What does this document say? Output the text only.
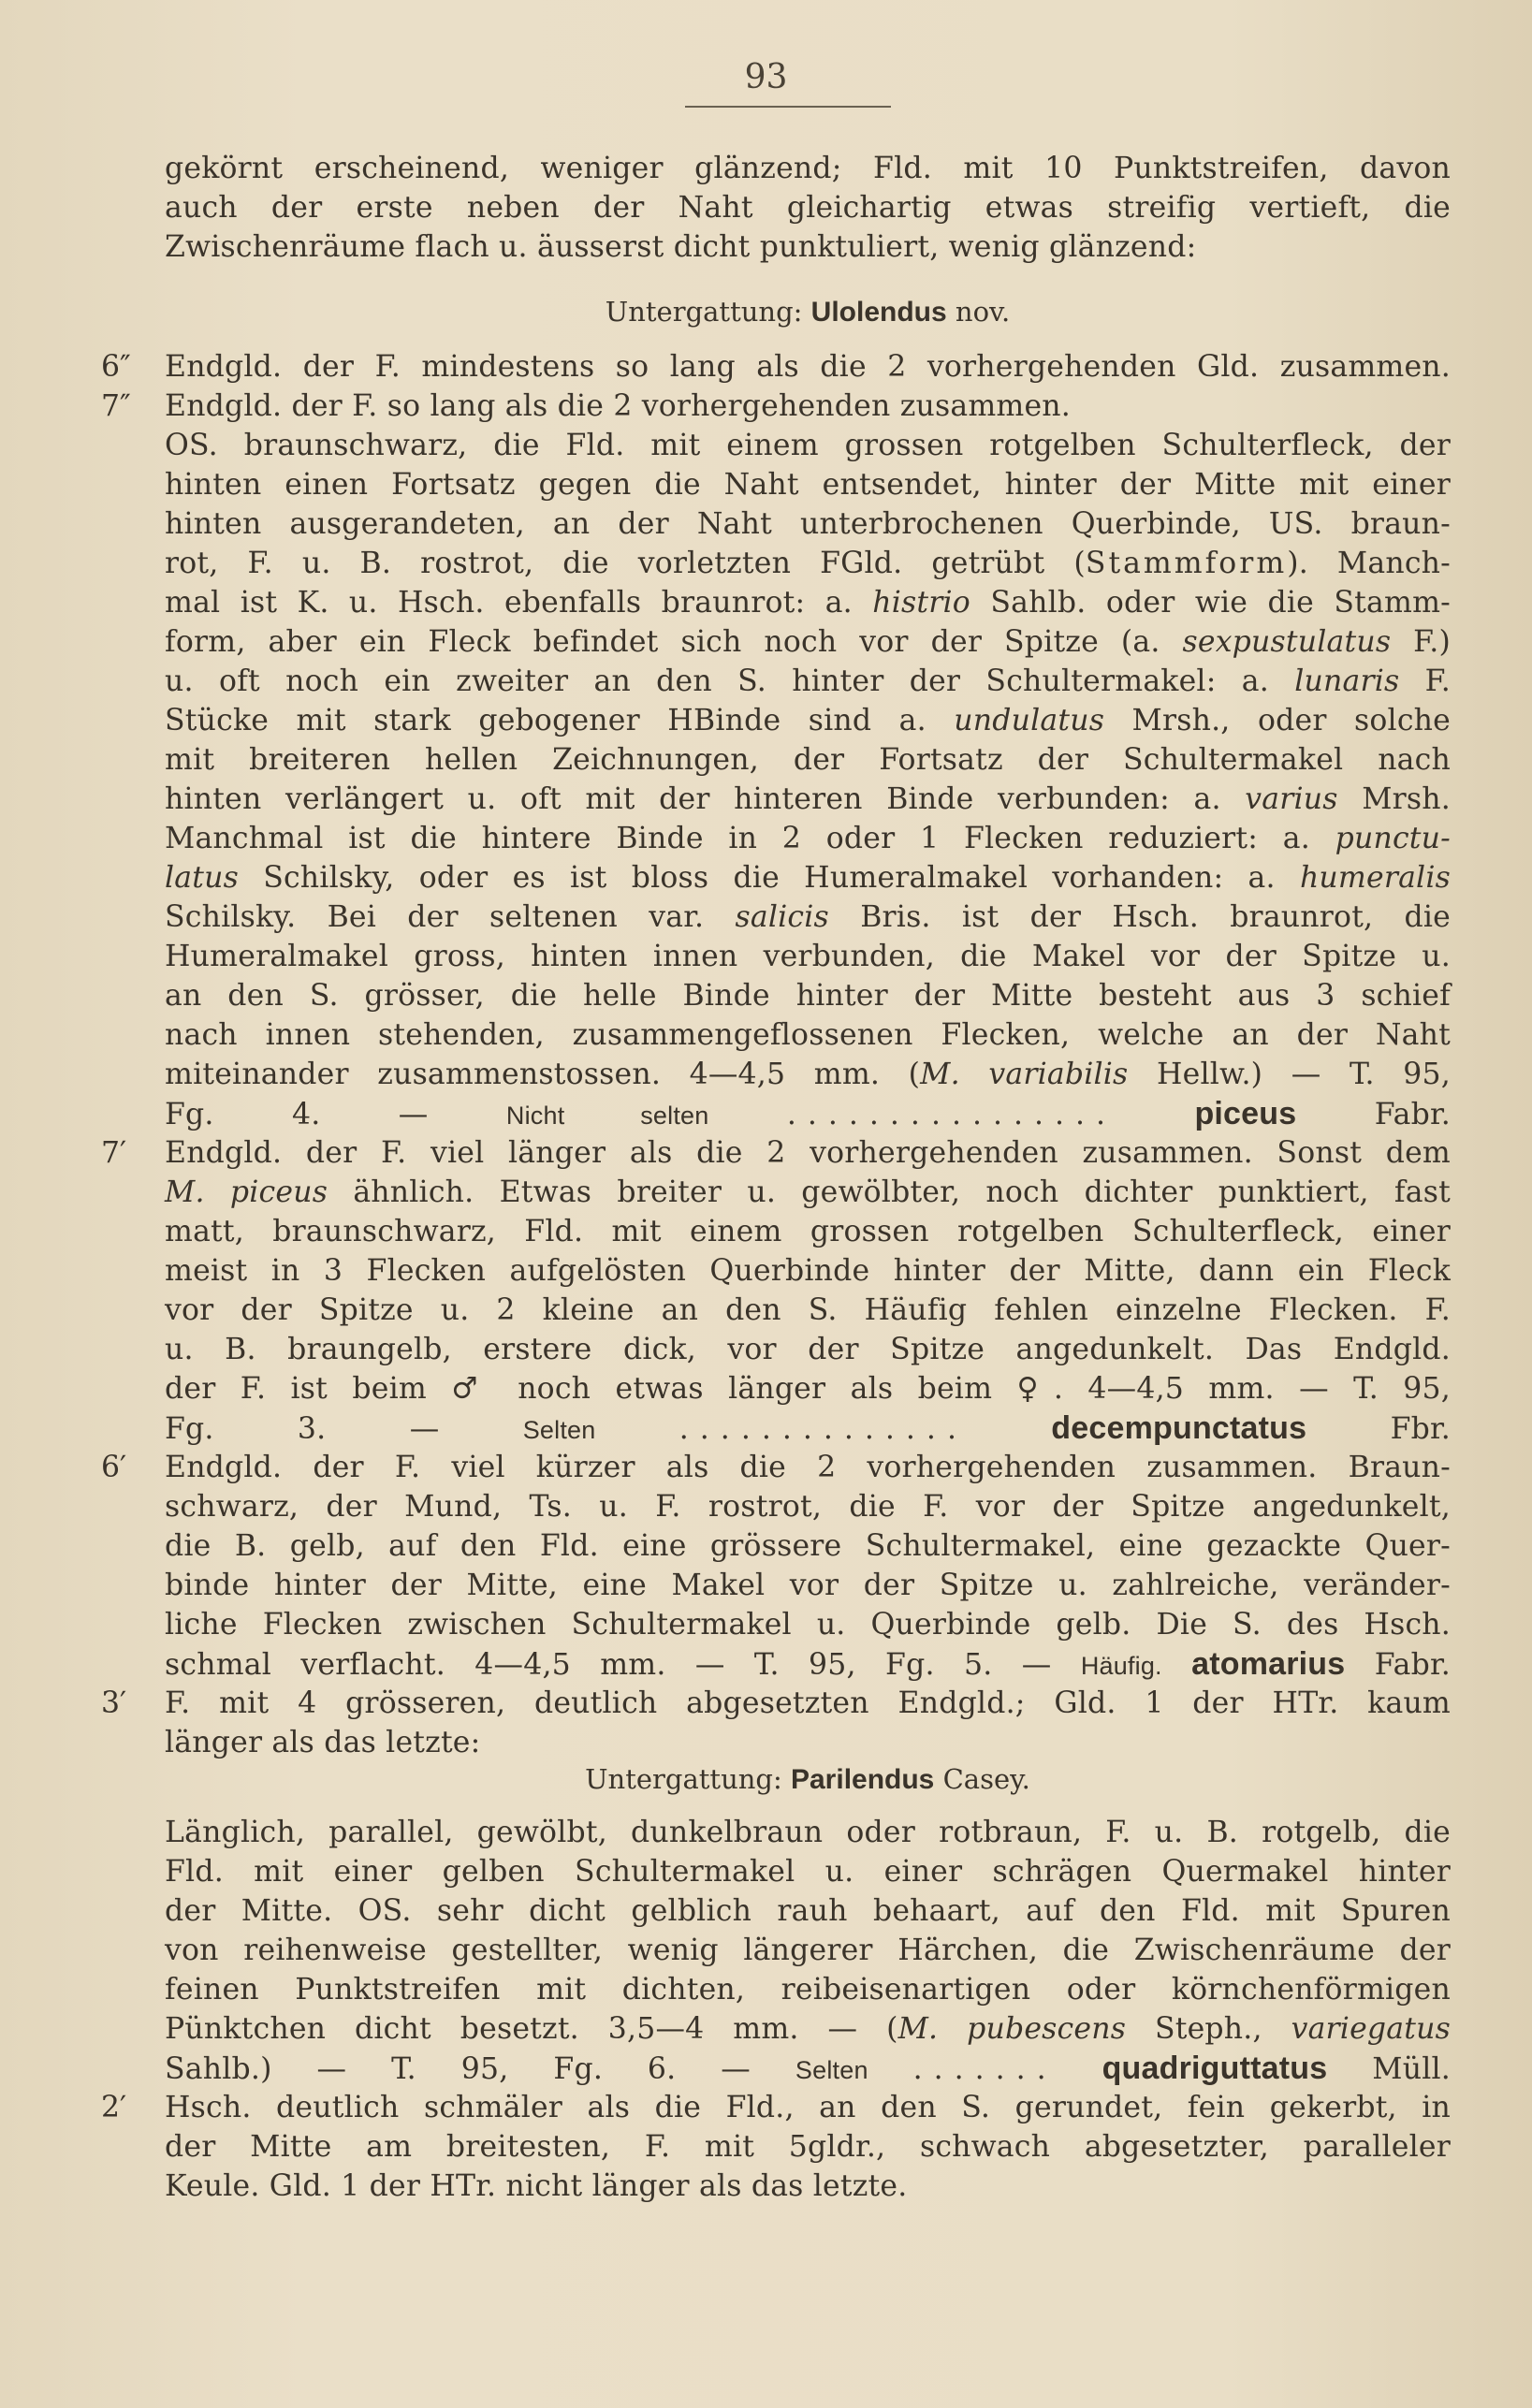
93
gekörnt erscheinend, weniger glänzend; Fld. mit 10 Punktstreifen, davon
auch der erste neben der Naht gleichartig etwas streifig vertieft, die
Zwischenräume flach u. äusserst dicht punktuliert, wenig glänzend:
Untergattung: Ulolendus nov.
6″	Endgld. der F. mindestens so lang als die 2 vorhergehenden Gld. zusammen.
7″	Endgld. der F. so lang als die 2 vorhergehenden zusammen.
OS. braunschwarz, die Fld. mit einem grossen rotgelben Schulterfleck, der
hinten einen Fortsatz gegen die Naht entsendet, hinter der Mitte mit einer
hinten ausgerandeten, an der Naht unterbrochenen Querbinde, US. braun-
rot, F. u. B. rostrot, die vorletzten FGld. getrübt (Stammform). Manch-
mal ist K. u. Hsch. ebenfalls braunrot: a. histrio Sahlb. oder wie die Stamm-
form, aber ein Fleck befindet sich noch vor der Spitze (a. sexpustulatus F.)
u. oft noch ein zweiter an den S. hinter der Schultermakel: a. lunaris F.
Stücke mit stark gebogener HBinde sind a. undulatus Mrsh., oder solche
mit breiteren hellen Zeichnungen, der Fortsatz der Schultermakel nach
hinten verlängert u. oft mit der hinteren Binde verbunden: a. varius Mrsh.
Manchmal ist die hintere Binde in 2 oder 1 Flecken reduziert: a. punctu-
latus Schilsky, oder es ist bloss die Humeralmakel vorhanden: a. humeralis
Schilsky. Bei der seltenen var. salicis Bris. ist der Hsch. braunrot, die
Humeralmakel gross, hinten innen verbunden, die Makel vor der Spitze u.
an den S. grösser, die helle Binde hinter der Mitte besteht aus 3 schief
nach innen stehenden, zusammengeflossenen Flecken, welche an der Naht
miteinander zusammenstossen. 4—4,5 mm. (M. variabilis Hellw.) — T. 95,
Fg. 4. —	Nicht selten	................ piceus	Fabr.
7′	Endgld. der F. viel länger als die 2 vorhergehenden zusammen. Sonst dem
M. piceus ähnlich. Etwas breiter u. gewölbter, noch dichter punktiert, fast
matt, braunschwarz, Fld. mit einem grossen rotgelben Schulterfleck, einer
meist in 3 Flecken aufgelösten Querbinde hinter der Mitte, dann ein Fleck
vor der Spitze u. 2 kleine an den S. Häufig fehlen einzelne Flecken. F.
u. B. braungelb, erstere dick, vor der Spitze angedunkelt. Das Endgld.
der F. ist beim ♂ noch etwas länger als beim ♀. 4—4,5 mm. — T. 95,
Fg. 3. —	Selten	..............	decempunctatus	Fbr.
6′	Endgld. der F. viel kürzer als die 2 vorhergehenden zusammen. Braun-
schwarz, der Mund, Ts. u. F. rostrot, die F. vor der Spitze angedunkelt,
die B. gelb, auf den Fld. eine grössere Schultermakel, eine gezackte Quer-
binde hinter der Mitte, eine Makel vor der Spitze u. zahlreiche, veränder-
liche Flecken zwischen Schultermakel u. Querbinde gelb. Die S. des Hsch.
schmal verflacht. 4—4,5 mm. — T. 95, Fg. 5. — Häufig. atomarius Fabr.
3′	F. mit 4 grösseren, deutlich abgesetzten Endgld.; Gld. 1 der HTr. kaum
länger als das letzte:
Untergattung: Parilendus Casey.
Länglich, parallel, gewölbt, dunkelbraun oder rotbraun, F. u. B. rotgelb, die
Fld. mit einer gelben Schultermakel u. einer schrägen Quermakel hinter
der Mitte. OS. sehr dicht gelblich rauh behaart, auf den Fld. mit Spuren
von reihenweise gestellter, wenig längerer Härchen, die Zwischenräume der
feinen Punktstreifen mit dichten, reibeisenartigen oder körnchenförmigen
Pünktchen dicht besetzt. 3,5—4 mm. — (M. pubescens Steph., variegatus
Sahlb.) — T. 95, Fg. 6. — Selten ....... quadriguttatus Müll.
2′	Hsch. deutlich schmäler als die Fld., an den S. gerundet, fein gekerbt, in
der Mitte am breitesten, F. mit 5gldr., schwach abgesetzter, paralleler
Keule. Gld. 1 der HTr. nicht länger als das letzte.
